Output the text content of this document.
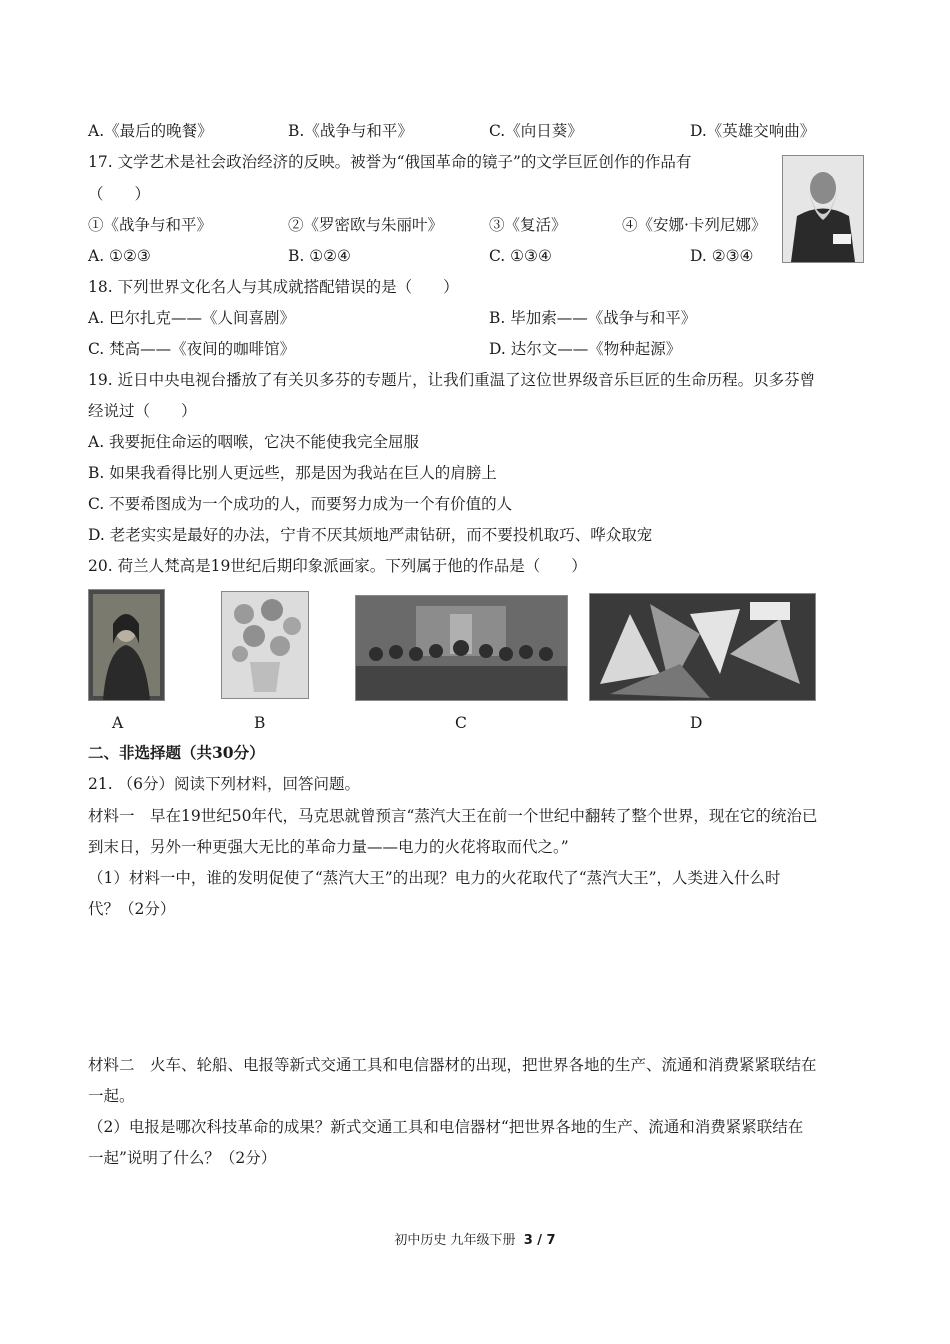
A.《最后的晚餐》	B.《战争与和平》	C.《向日葵》	D.《英雄交响曲》
17. 文学艺术是社会政治经济的反映。被誉为“俄国革命的镜子”的文学巨匠创作的作品有
（　　）
①《战争与和平》	②《罗密欧与朱丽叶》	③《复活》	④《安娜·卡列尼娜》
A. ①②③	B. ①②④	C. ①③④	D. ②③④
18. 下列世界文化名人与其成就搭配错误的是（　　）
A. 巴尔扎克——《人间喜剧》	B. 毕加索——《战争与和平》
C. 梵高——《夜间的咖啡馆》	D. 达尔文——《物种起源》
19. 近日中央电视台播放了有关贝多芬的专题片，让我们重温了这位世界级音乐巨匠的生命历程。贝多芬曾
经说过（　　）
A. 我要扼住命运的咽喉，它决不能使我完全屈服
B. 如果我看得比别人更远些，那是因为我站在巨人的肩膀上
C. 不要希图成为一个成功的人，而要努力成为一个有价值的人
D. 老老实实是最好的办法，宁肯不厌其烦地严肃钻研，而不要投机取巧、哗众取宠
20. 荷兰人梵高是19世纪后期印象派画家。下列属于他的作品是（　　）
A	B	C	D
二、非选择题（共30分）
21. （6分）阅读下列材料，回答问题。
材料一　早在19世纪50年代，马克思就曾预言“蒸汽大王在前一个世纪中翻转了整个世界，现在它的统治已
到末日，另外一种更强大无比的革命力量——电力的火花将取而代之。”
（1）材料一中，谁的发明促使了“蒸汽大王”的出现？电力的火花取代了“蒸汽大王”，人类进入什么时
代？（2分）
材料二　火车、轮船、电报等新式交通工具和电信器材的出现，把世界各地的生产、流通和消费紧紧联结在
一起。
（2）电报是哪次科技革命的成果？新式交通工具和电信器材“把世界各地的生产、流通和消费紧紧联结在
一起”说明了什么？（2分）
初中历史 九年级下册 3 / 7
